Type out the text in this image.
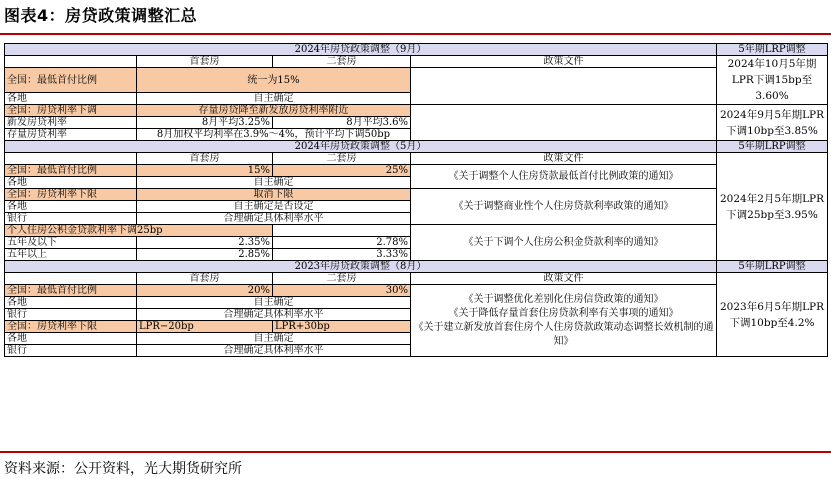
图表4：房贷政策调整汇总
2024年房贷政策调整（9月）				5年期LRP调整
	首套房	二套房	政策文件	2024年10月5年期LPR下调15bp至3.60%
全国：最低首付比例	统一为15%			
各地	自主确定			
全国：房贷利率下调	存量房贷降至新发放房贷利率附近			2024年9月5年期LPR下调10bp至3.85%
新发房贷利率	8月平均3.25%	8月平均3.6%		
存量房贷利率	8月加权平均利率在3.9%～4%，预计平均下调50bp			
2024年房贷政策调整（5月）				5年期LRP调整
	首套房	二套房	政策文件	2024年2月5年期LPR下调25bp至3.95%
全国：最低首付比例	15%	25%	《关于调整个人住房贷款最低首付比例政策的通知》	
各地	自主确定			
全国：房贷利率下限	取消下限		《关于调整商业性个人住房贷款利率政策的通知》	
各地	自主确定是否设定			
银行	合理确定具体利率水平			
个人住房公积金贷款利率下调25bp			《关于下调个人住房公积金贷款利率的通知》	
五年及以下	2.35%	2.78%		
五年以上	2.85%	3.33%		
2023年房贷政策调整（8月）				5年期LRP调整
	首套房	二套房	政策文件	2023年6月5年期LPR下调10bp至4.2%
全国：最低首付比例	20%	30%	《关于调整优化差别化住房信贷政策的通知》
《关于降低存量首套住房贷款利率有关事项的通知》
《关于建立新发放首套住房个人住房贷款政策动态调整长效机制的通知》	

各地	自主确定			
银行	合理确定具体利率水平			
全国：房贷利率下限	LPR−20bp	LPR+30bp		
各地	自主确定			
银行	合理确定具体利率水平			
资料来源：公开资料，光大期货研究所
